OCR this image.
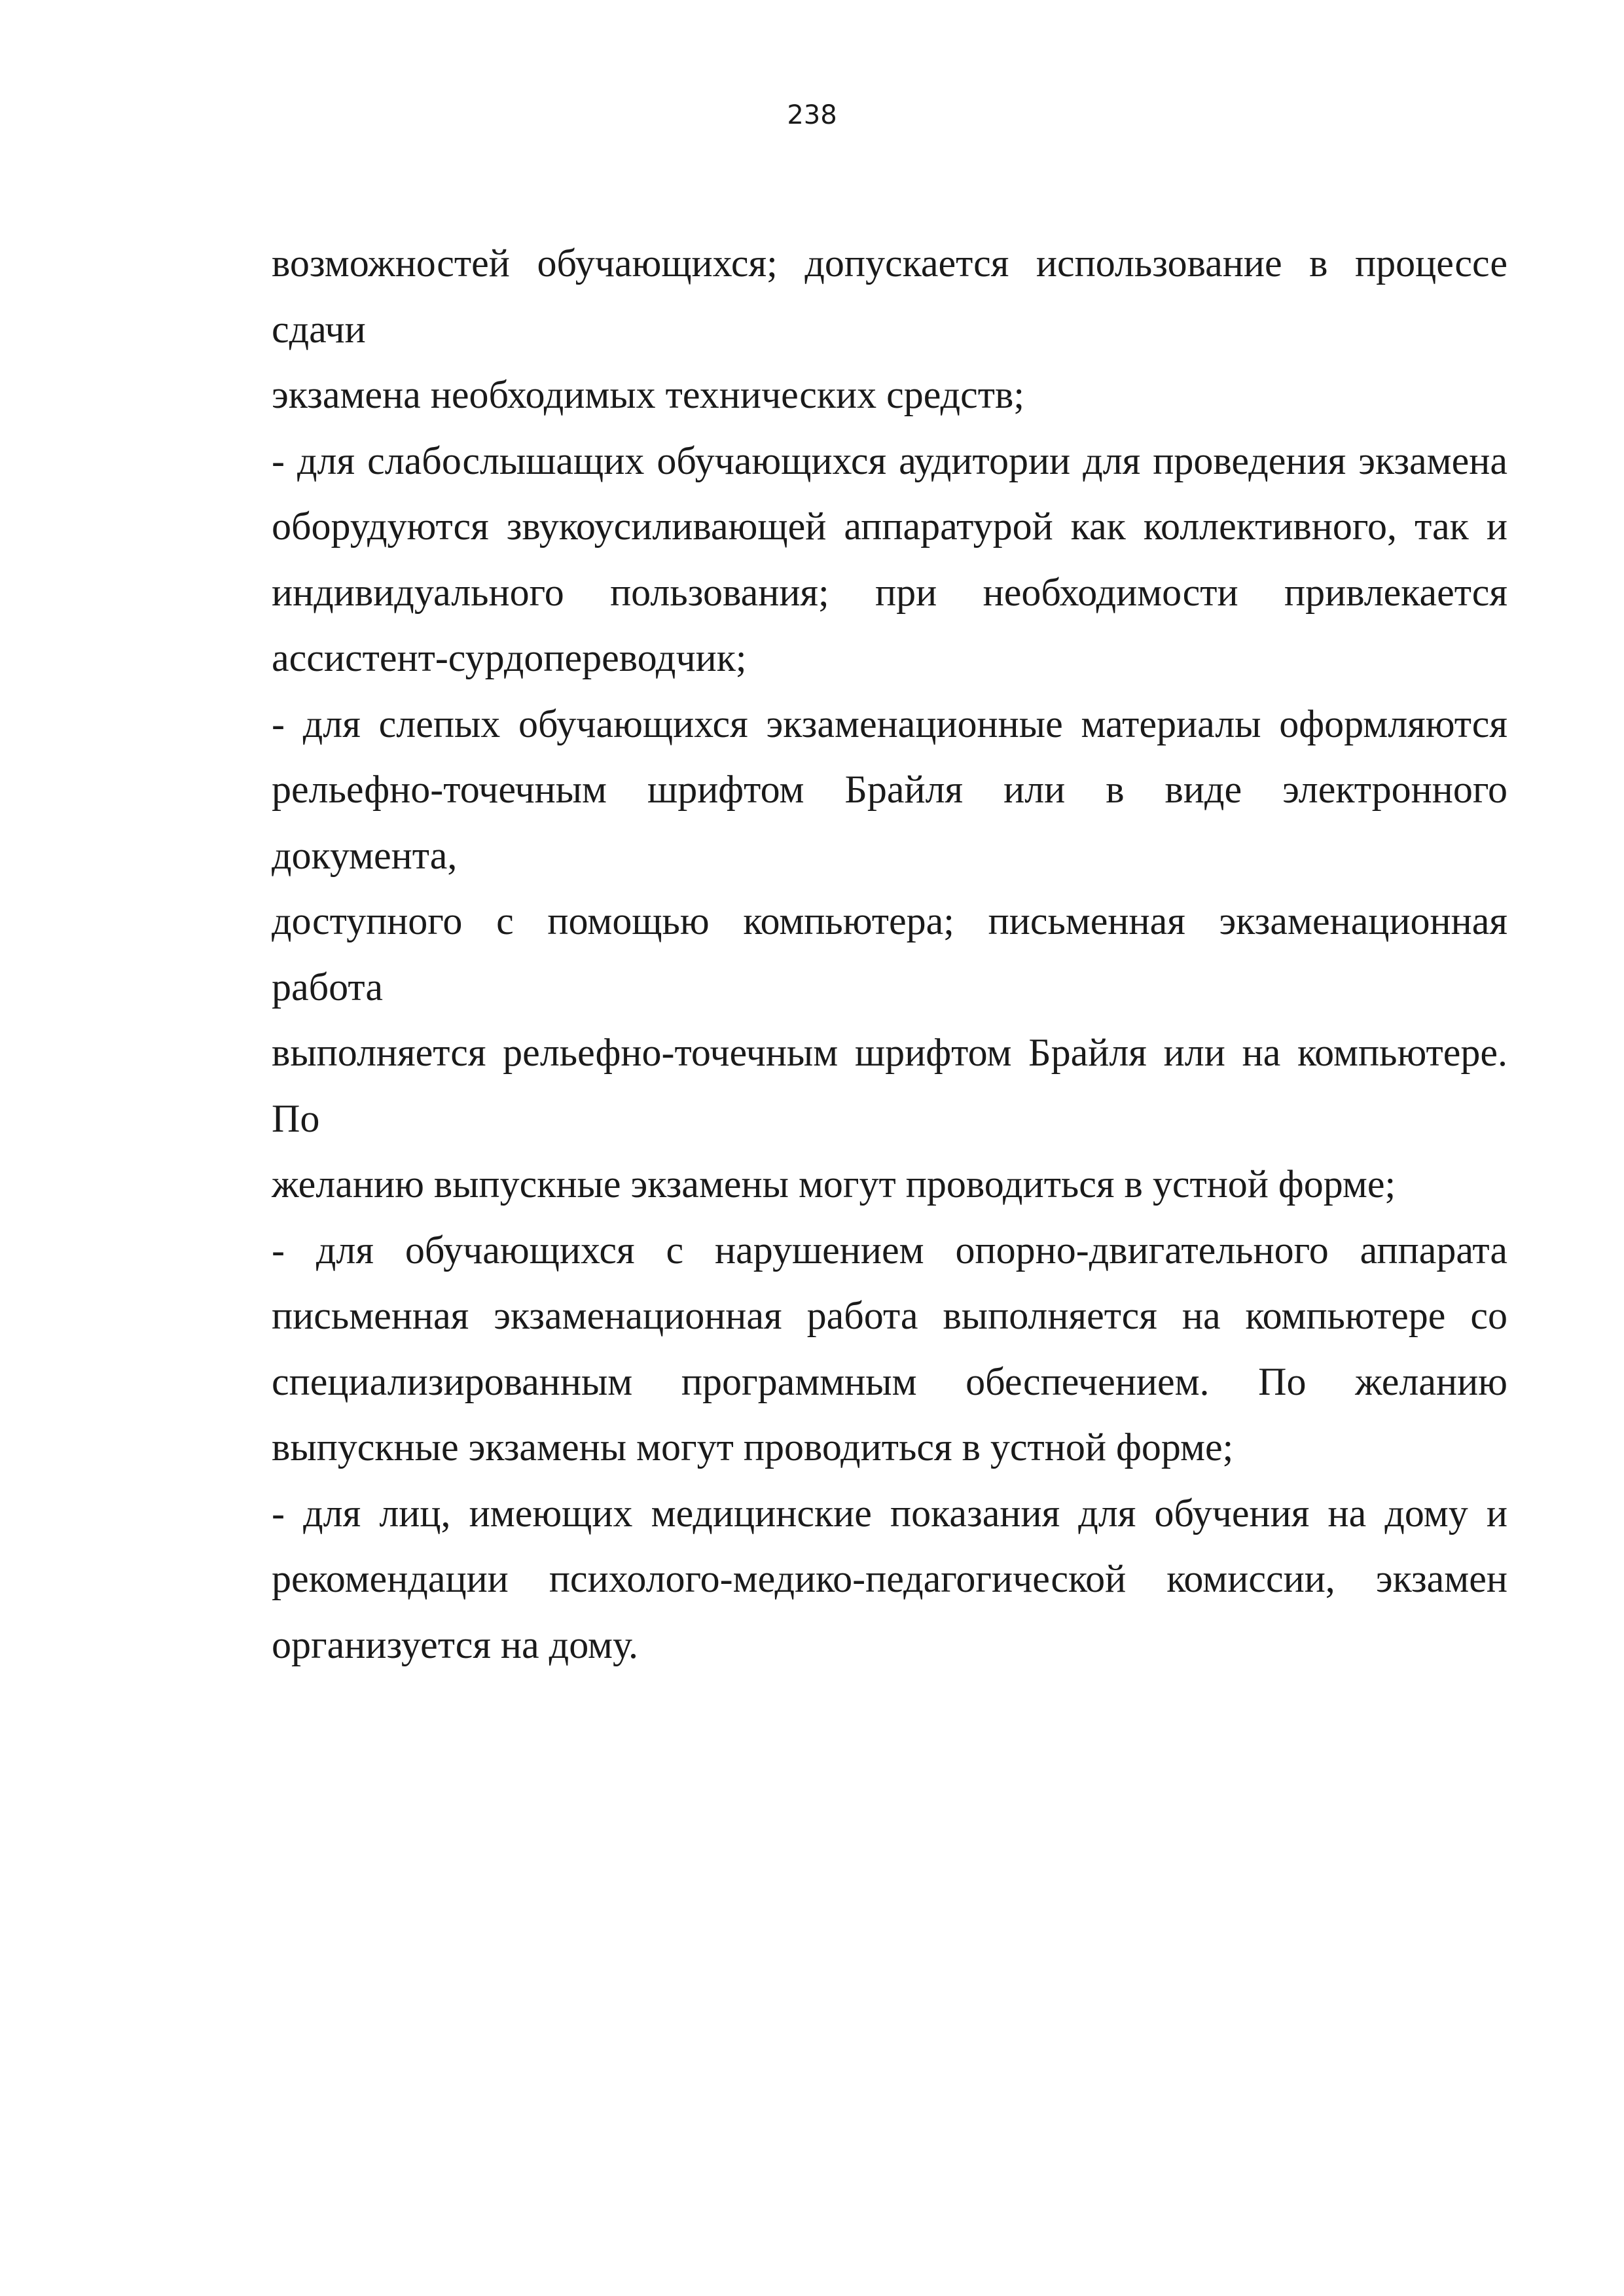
238

возможностей обучающихся; допускается использование в процессе сдачи
экзамена необходимых технических средств;

- для слабослышащих обучающихся аудитории для проведения экзамена
оборудуются звукоусиливающей аппаратурой как коллективного, так и
индивидуального пользования; при необходимости привлекается
ассистент-сурдопереводчик;

- для слепых обучающихся экзаменационные материалы оформляются
рельефно-точечным шрифтом Брайля или в виде электронного документа,
доступного с помощью компьютера; письменная экзаменационная работа
выполняется рельефно-точечным шрифтом Брайля или на компьютере. По
желанию выпускные экзамены могут проводиться в устной форме;

- для обучающихся с нарушением опорно-двигательного аппарата
письменная экзаменационная работа выполняется на компьютере со
специализированным программным обеспечением. По желанию
выпускные экзамены могут проводиться в устной форме;

- для лиц, имеющих медицинские показания для обучения на дому и
рекомендации психолого-медико-педагогической комиссии, экзамен
организуется на дому.
